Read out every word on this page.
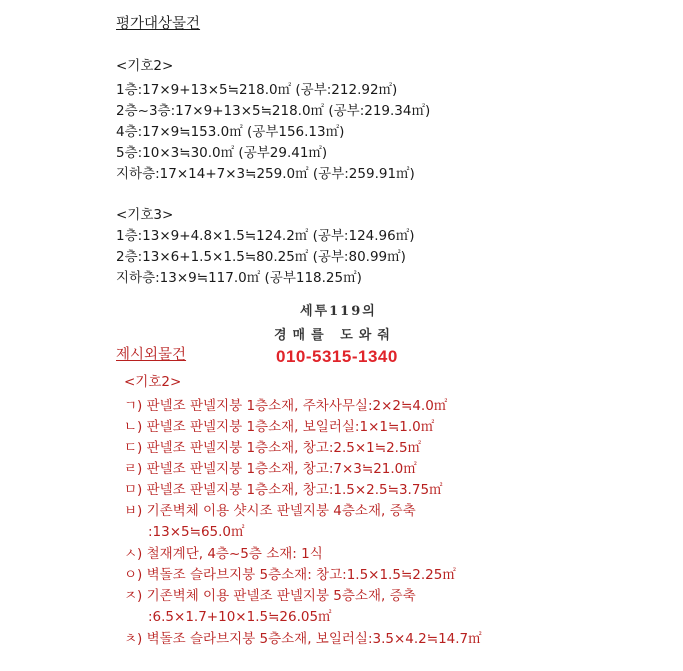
평가대상물건
<기호2>
1층:17×9+13×5≒218.0㎡ (공부:212.92㎡)
2층~3층:17×9+13×5≒218.0㎡ (공부:219.34㎡)
4층:17×9≒153.0㎡ (공부156.13㎡)
5층:10×3≒30.0㎡ (공부29.41㎡)
지하층:17×14+7×3≒259.0㎡ (공부:259.91㎡)
<기호3>
1층:13×9+4.8×1.5≒124.2㎡ (공부:124.96㎡)
2층:13×6+1.5×1.5≒80.25㎡ (공부:80.99㎡)
지하층:13×9≒117.0㎡ (공부118.25㎡)
세투119의
경매를 도와줘
010-5315-1340
제시외물건
<기호2>
ㄱ) 판넬조 판넬지붕 1층소재, 주차사무실:2×2≒4.0㎡
ㄴ) 판넬조 판넬지붕 1층소재, 보일러실:1×1≒1.0㎡
ㄷ) 판넬조 판넬지붕 1층소재, 창고:2.5×1≒2.5㎡
ㄹ) 판넬조 판넬지붕 1층소재, 창고:7×3≒21.0㎡
ㅁ) 판넬조 판넬지붕 1층소재, 창고:1.5×2.5≒3.75㎡
ㅂ) 기존벽체 이용 샷시조 판넬지붕 4층소재, 증축
:13×5≒65.0㎡
ㅅ) 철재계단, 4층~5층 소재: 1식
ㅇ) 벽돌조 슬라브지붕 5층소재: 창고:1.5×1.5≒2.25㎡
ㅈ) 기존벽체 이용 판넬조 판넬지붕 5층소재, 증축
:6.5×1.7+10×1.5≒26.05㎡
ㅊ) 벽돌조 슬라브지붕 5층소재, 보일러실:3.5×4.2≒14.7㎡
